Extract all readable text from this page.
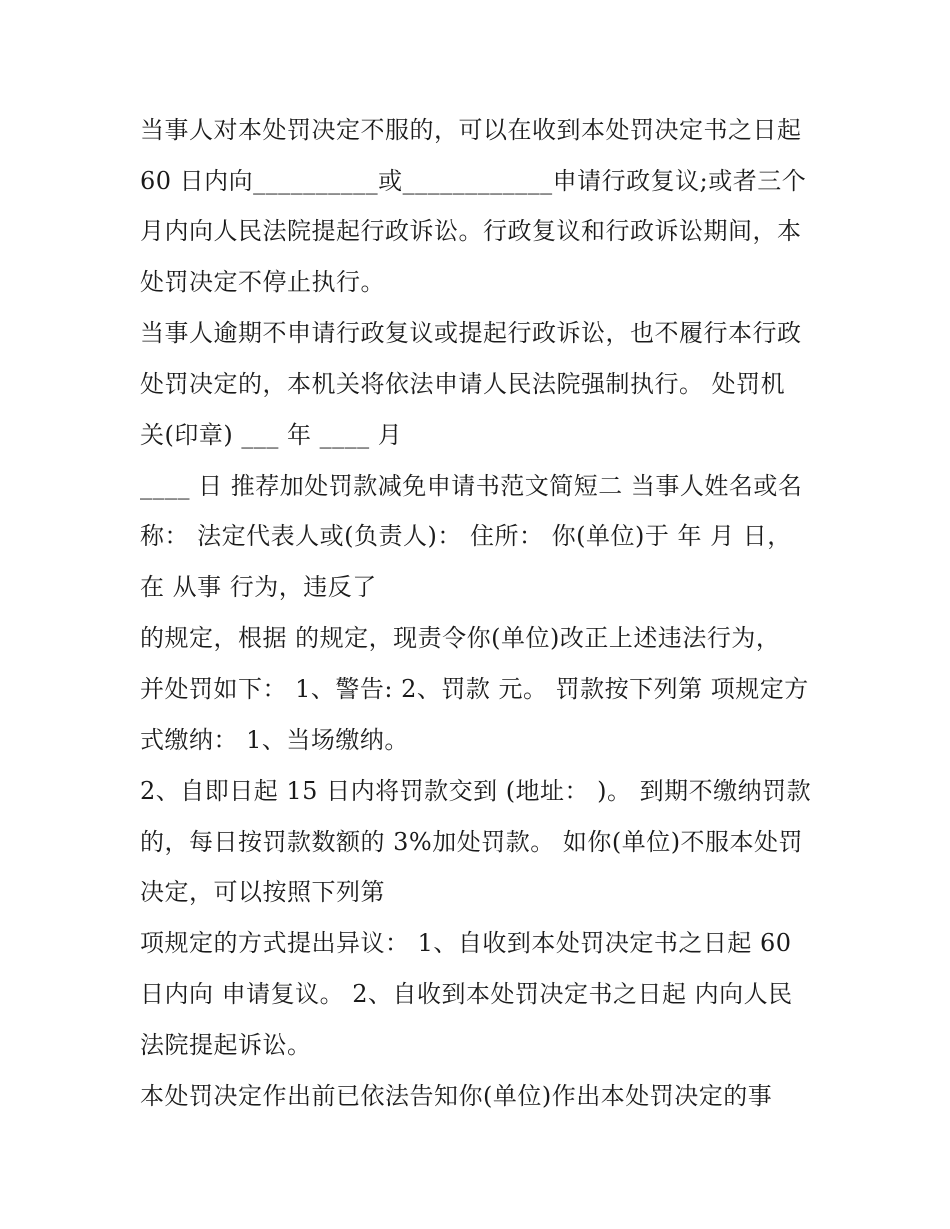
当事人对本处罚决定不服的，可以在收到本处罚决定书之日起
60 日内向__________或____________申请行政复议;或者三个
月内向人民法院提起行政诉讼。行政复议和行政诉讼期间，本
处罚决定不停止执行。
当事人逾期不申请行政复议或提起行政诉讼，也不履行本行政
处罚决定的，本机关将依法申请人民法院强制执行。 处罚机
关(印章) ___ 年 ____ 月
____ 日 推荐加处罚款减免申请书范文简短二 当事人姓名或名
称： 法定代表人或(负责人)： 住所： 你(单位)于 年 月 日，
在 从事 行为，违反了
的规定，根据 的规定，现责令你(单位)改正上述违法行为，
并处罚如下： 1、警告: 2、罚款 元。 罚款按下列第 项规定方
式缴纳： 1、当场缴纳。
2、自即日起 15 日内将罚款交到 (地址： )。 到期不缴纳罚款
的，每日按罚款数额的 3%加处罚款。 如你(单位)不服本处罚
决定，可以按照下列第
项规定的方式提出异议： 1、自收到本处罚决定书之日起 60
日内向 申请复议。 2、自收到本处罚决定书之日起 内向人民
法院提起诉讼。
本处罚决定作出前已依法告知你(单位)作出本处罚决定的事
